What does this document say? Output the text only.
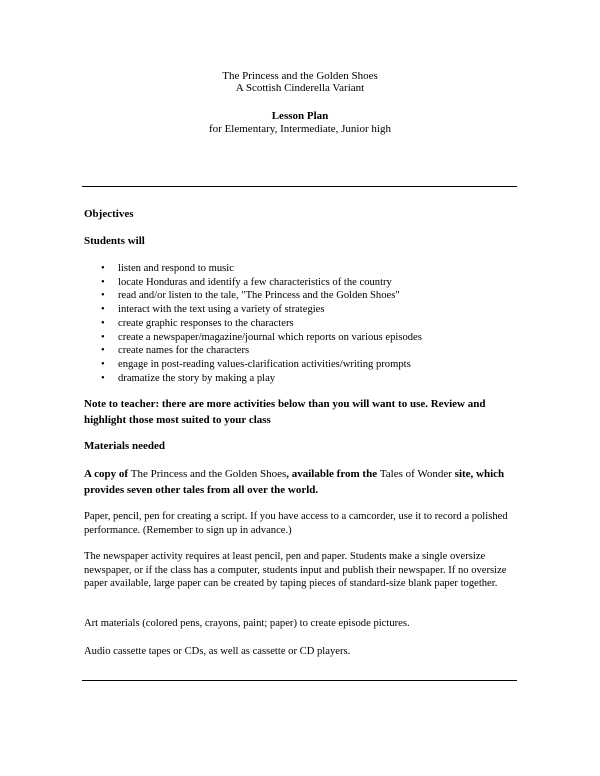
The Princess and the Golden Shoes
A Scottish Cinderella Variant
Lesson Plan
for Elementary, Intermediate, Junior high
Objectives
Students will
• listen and respond to music
• locate Honduras and identify a few characteristics of the country
• read and/or listen to the tale, "The Princess and the Golden Shoes"
• interact with the text using a variety of strategies
• create graphic responses to the characters
• create a newspaper/magazine/journal which reports on various episodes
• create names for the characters
• engage in post-reading values-clarification activities/writing prompts
• dramatize the story by making a play
Note to teacher: there are more activities below than you will want to use. Review and highlight those most suited to your class
Materials needed
A copy of The Princess and the Golden Shoes, available from the Tales of Wonder site, which provides seven other tales from all over the world.
Paper, pencil, pen for creating a script. If you have access to a camcorder, use it to record a polished performance. (Remember to sign up in advance.)
The newspaper activity requires at least pencil, pen and paper. Students make a single oversize newspaper, or if the class has a computer, students input and publish their newspaper. If no oversize paper available, large paper can be created by taping pieces of standard-size blank paper together.
Art materials (colored pens, crayons, paint; paper) to create episode pictures.
Audio cassette tapes or CDs, as well as cassette or CD players.
